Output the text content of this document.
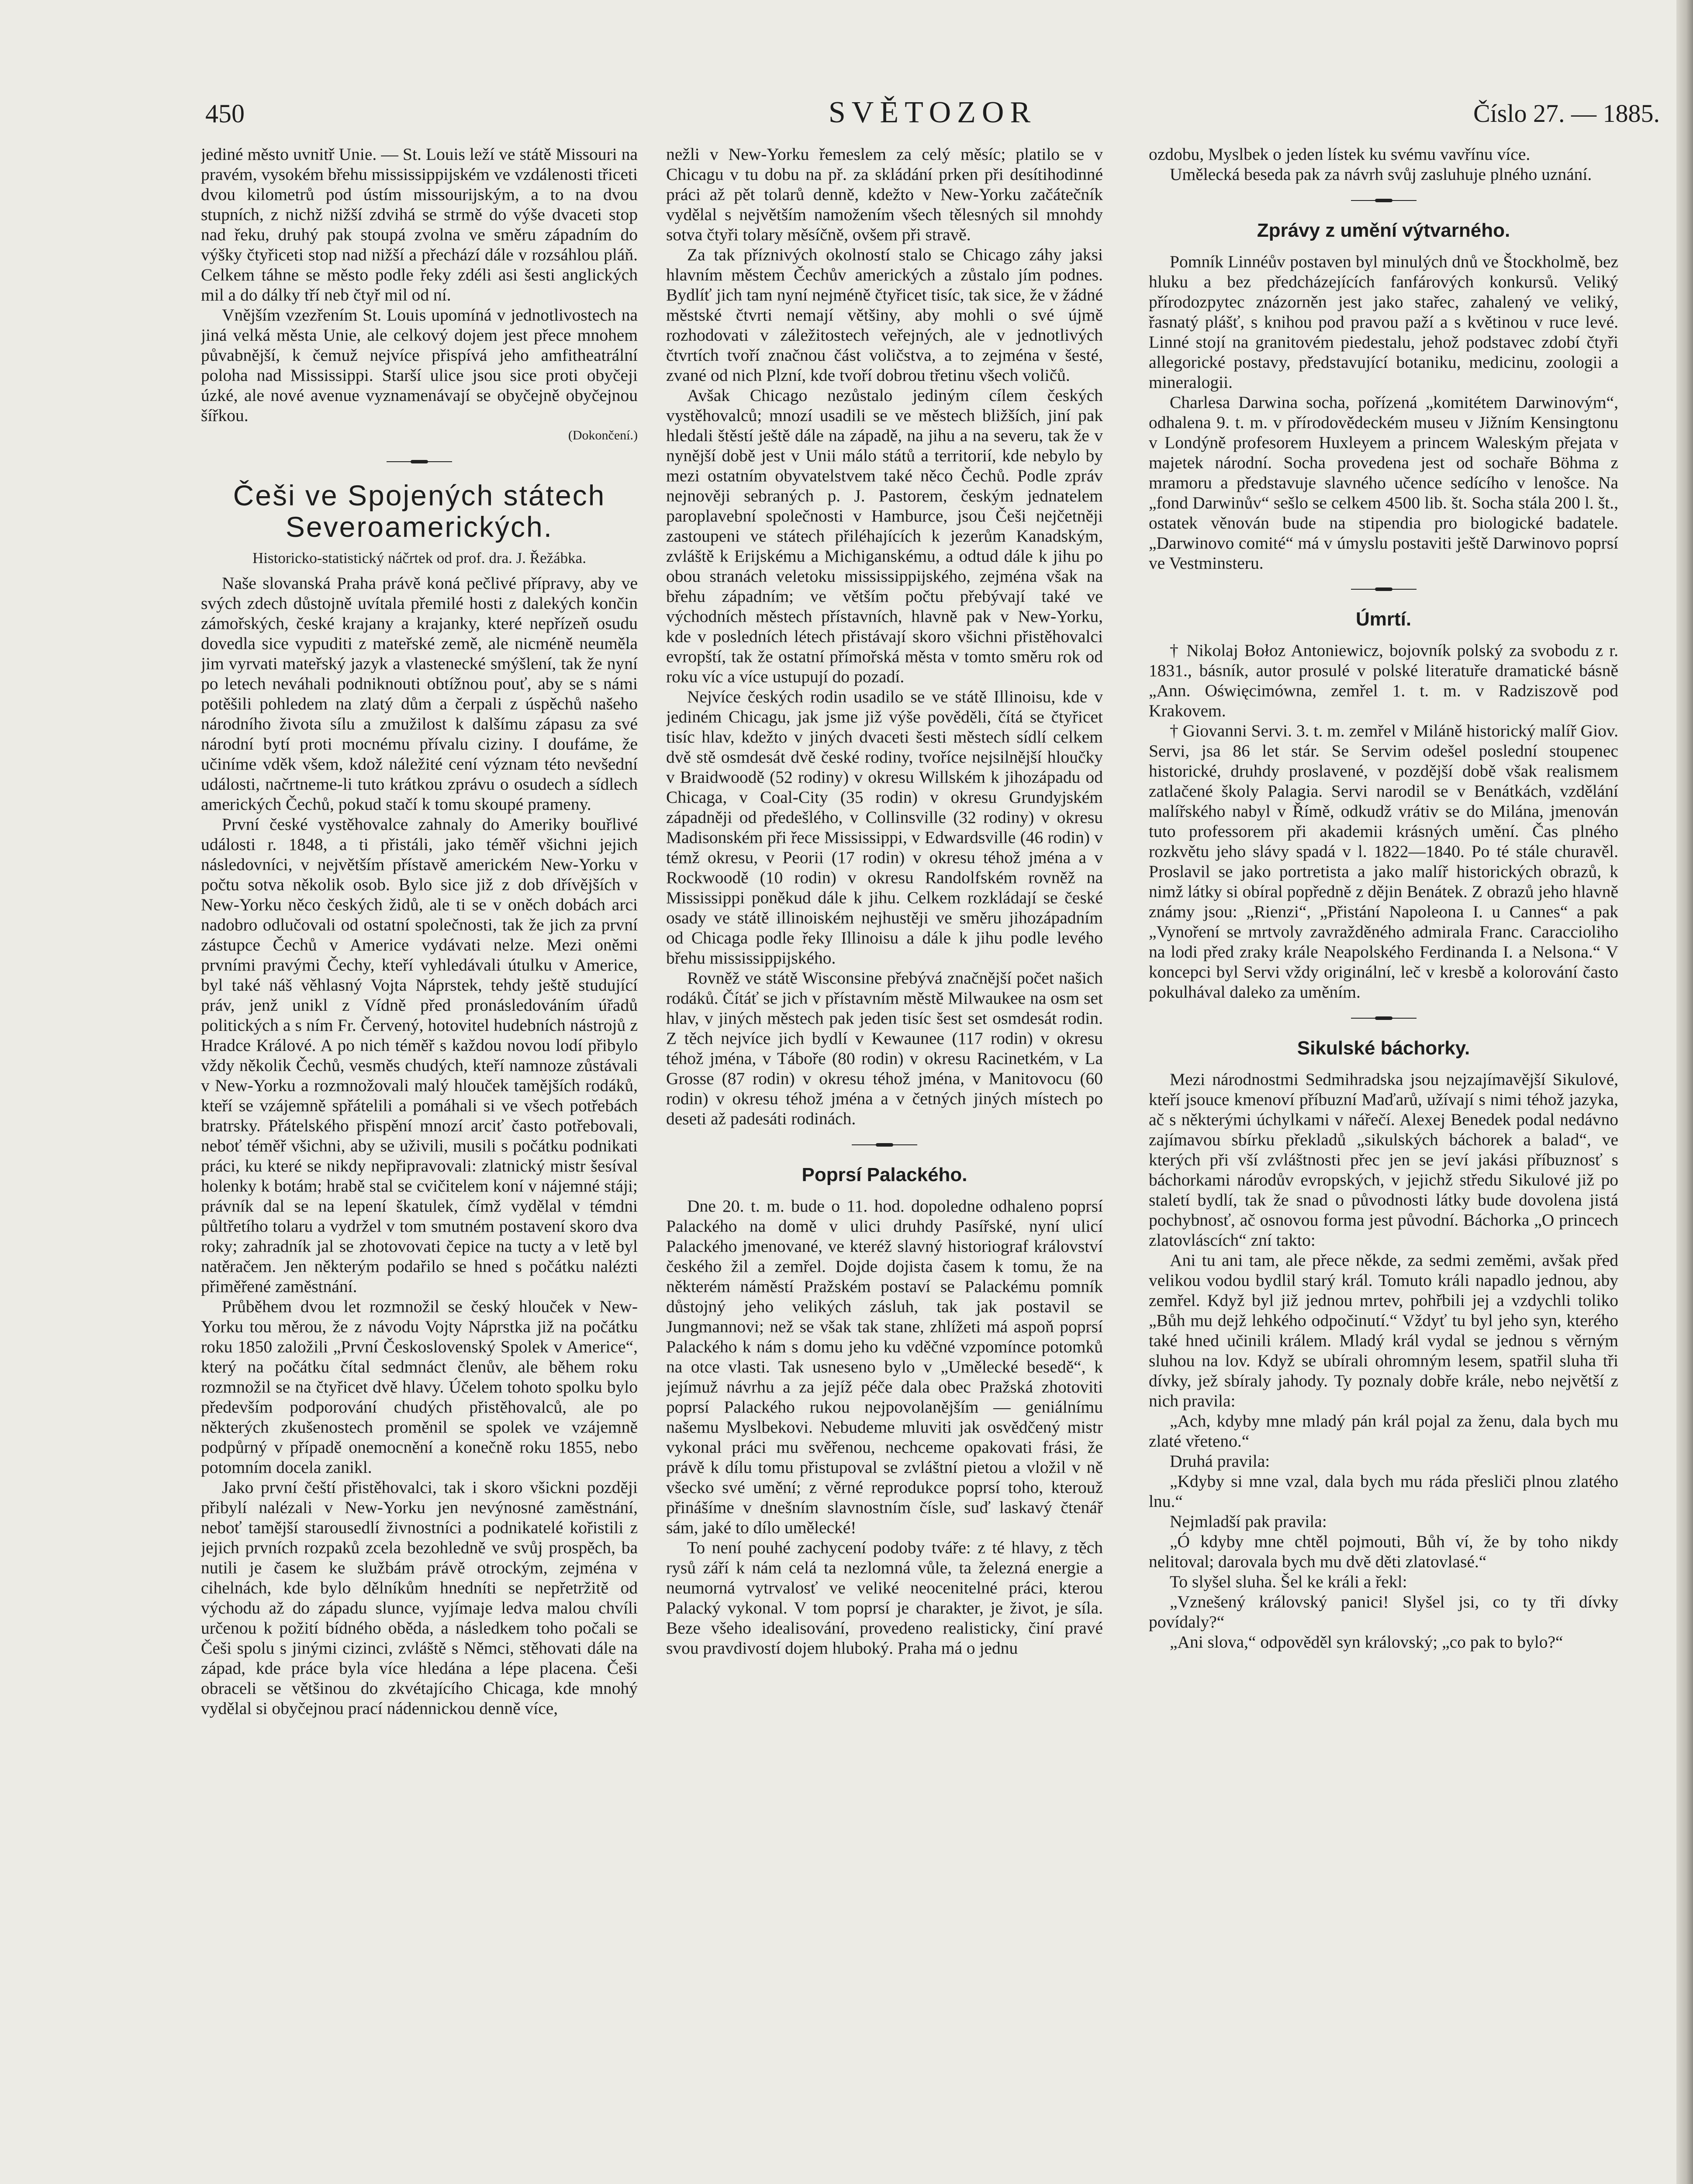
450	SVĚTOZOR	Číslo 27. — 1885.

jediné město uvnitř Unie. — St. Louis leží ve státě Missouri na pravém, vysokém břehu mississippijském ve vzdálenosti třiceti dvou kilometrů pod ústím missourijským, a to na dvou stupních, z nichž nižší zdvihá se strmě do výše dvaceti stop nad řeku, druhý pak stoupá zvolna ve směru západním do výšky čtyřiceti stop nad nižší a přechází dále v rozsáhlou pláň. Celkem táhne se město podle řeky zdéli asi šesti anglických mil a do dálky tří neb čtyř mil od ní.

Vnějším vzezřením St. Louis upomíná v jednotlivostech na jiná velká města Unie, ale celkový dojem jest přece mnohem půvabnější, k čemuž nejvíce přispívá jeho amfitheatrální poloha nad Mississippi. Starší ulice jsou sice proti obyčeji úzké, ale nové avenue vyznamenávají se obyčejně obyčejnou šířkou.

(Dokončení.)
Češi ve Spojených státech Severoamerických.
Historicko-statistický náčrtek od prof. dra. J. Řežábka.

Naše slovanská Praha právě koná pečlivé přípravy, aby ve svých zdech důstojně uvítala přemilé hosti z dalekých končin zámořských, české krajany a krajanky, které nepřízeň osudu dovedla sice vypuditi z mateřské země, ale nicméně neuměla jim vyrvati mateřský jazyk a vlastenecké smýšlení, tak že nyní po letech neváhali podniknouti obtížnou pouť, aby se s námi potěšili pohledem na zlatý dům a čerpali z úspěchů našeho národního života sílu a zmužilost k dalšímu zápasu za své národní bytí proti mocnému přívalu ciziny. I doufáme, že učiníme vděk všem, kdož náležité cení význam této nevšední události, načrtneme-li tuto krátkou zprávu o osudech a sídlech amerických Čechů, pokud stačí k tomu skoupé prameny.

První české vystěhovalce zahnaly do Ameriky bouřlivé události r. 1848, a ti přistáli, jako téměř všichni jejich následovníci, v největším přístavě americkém New-Yorku v počtu sotva několik osob. Bylo sice již z dob dřívějších v New-Yorku něco českých židů, ale ti se v oněch dobách arci nadobro odlučovali od ostatní společnosti, tak že jich za první zástupce Čechů v Americe vydávati nelze. Mezi oněmi prvními pravými Čechy, kteří vyhledávali útulku v Americe, byl také náš věhlasný Vojta Náprstek, tehdy ještě studující práv, jenž unikl z Vídně před pronásledováním úřadů politických a s ním Fr. Červený, hotovitel hudebních nástrojů z Hradce Králové. A po nich téměř s každou novou lodí přibylo vždy několik Čechů, vesměs chudých, kteří namnoze zůstávali v New-Yorku a rozmnožovali malý hlouček tamějších rodáků, kteří se vzájemně spřátelili a pomáhali si ve všech potřebách bratrsky. Přátelského přispění mnozí arciť často potřebovali, neboť téměř všichni, aby se uživili, musili s počátku podnikati práci, ku které se nikdy nepřipravovali: zlatnický mistr šesíval holenky k botám; hrabě stal se cvičitelem koní v nájemné stáji; právník dal se na lepení škatulek, čímž vydělal v témdni půltřetího tolaru a vydržel v tom smutném postavení skoro dva roky; zahradník jal se zhotovovati čepice na tucty a v letě byl natěračem. Jen některým podařilo se hned s počátku nalézti přiměřené zaměstnání.

Průběhem dvou let rozmnožil se český hlouček v New-Yorku tou měrou, že z návodu Vojty Náprstka již na počátku roku 1850 založili „První Československý Spolek v Americe“, který na počátku čítal sedmnáct členův, ale během roku rozmnožil se na čtyřicet dvě hlavy. Účelem tohoto spolku bylo především podporování chudých přistěhovalců, ale po některých zkušenostech proměnil se spolek ve vzájemně podpůrný v případě onemocnění a konečně roku 1855, nebo potomním docela zanikl.

Jako první čeští přistěhovalci, tak i skoro všickni později přibylí nalézali v New-Yorku jen nevýnosné zaměstnání, neboť tamější starousedlí živnostníci a podnikatelé kořistili z jejich prvních rozpaků zcela bezohledně ve svůj prospěch, ba nutili je časem ke službám právě otrockým, zejména v cihelnách, kde bylo dělníkům hnedníti se nepřetržitě od východu až do západu slunce, vyjímaje ledva malou chvíli určenou k požití bídného oběda, a následkem toho počali se Češi spolu s jinými cizinci, zvláště s Němci, stěhovati dále na západ, kde práce byla více hledána a lépe placena. Češi obraceli se většinou do zkvétajícího Chicaga, kde mnohý vydělal si obyčejnou prací nádennickou denně více,

nežli v New-Yorku řemeslem za celý měsíc; platilo se v Chicagu v tu dobu na př. za skládání prken při desítihodinné práci až pět tolarů denně, kdežto v New-Yorku začátečník vydělal s největším namožením všech tělesných sil mnohdy sotva čtyři tolary měsíčně, ovšem při stravě.

Za tak příznivých okolností stalo se Chicago záhy jaksi hlavním městem Čechův amerických a zůstalo jím podnes. Bydlíť jich tam nyní nejméně čtyřicet tisíc, tak sice, že v žádné městské čtvrti nemají většiny, aby mohli o své újmě rozhodovati v záležitostech veřejných, ale v jednotlivých čtvrtích tvoří značnou část voličstva, a to zejména v šesté, zvané od nich Plzní, kde tvoří dobrou třetinu všech voličů.

Avšak Chicago nezůstalo jediným cílem českých vystěhovalců; mnozí usadili se ve městech bližších, jiní pak hledali štěstí ještě dále na západě, na jihu a na severu, tak že v nynější době jest v Unii málo států a territorií, kde nebylo by mezi ostatním obyvatelstvem také něco Čechů. Podle zpráv nejnověji sebraných p. J. Pastorem, českým jednatelem paroplavební společnosti v Hamburce, jsou Češi nejčetněji zastoupeni ve státech přiléhajících k jezerům Kanadským, zvláště k Erijskému a Michiganskému, a odtud dále k jihu po obou stranách veletoku mississippijského, zejména však na břehu západním; ve větším počtu přebývají také ve východních městech přístavních, hlavně pak v New-Yorku, kde v posledních létech přistávají skoro všichni přistěhovalci evropští, tak že ostatní přímořská města v tomto směru rok od roku víc a více ustupují do pozadí.

Nejvíce českých rodin usadilo se ve státě Illinoisu, kde v jediném Chicagu, jak jsme již výše pověděli, čítá se čtyřicet tisíc hlav, kdežto v jiných dvaceti šesti městech sídlí celkem dvě stě osmdesát dvě české rodiny, tvoříce nejsilnější hloučky v Braidwoodě (52 rodiny) v okresu Willském k jihozápadu od Chicaga, v Coal-City (35 rodin) v okresu Grundyjském západněji od předešlého, v Collinsville (32 rodiny) v okresu Madisonském při řece Mississippi, v Edwardsville (46 rodin) v témž okresu, v Peorii (17 rodin) v okresu téhož jména a v Rockwoodě (10 rodin) v okresu Randolfském rovněž na Mississippi poněkud dále k jihu. Celkem rozkládají se české osady ve státě illinoiském nejhustěji ve směru jihozápadním od Chicaga podle řeky Illinoisu a dále k jihu podle levého břehu mississippijského.

Rovněž ve státě Wisconsine přebývá značnější počet našich rodáků. Čítáť se jich v přístavním městě Milwaukee na osm set hlav, v jiných městech pak jeden tisíc šest set osmdesát rodin. Z těch nejvíce jich bydlí v Kewaunee (117 rodin) v okresu téhož jména, v Táboře (80 rodin) v okresu Racinetkém, v La Grosse (87 rodin) v okresu téhož jména, v Manitovocu (60 rodin) v okresu téhož jména a v četných jiných místech po deseti až padesáti rodinách.

Poprsí Palackého.

Dne 20. t. m. bude o 11. hod. dopoledne odhaleno poprsí Palackého na domě v ulici druhdy Pasířské, nyní ulicí Palackého jmenované, ve kteréž slavný historiograf království českého žil a zemřel. Dojde dojista časem k tomu, že na některém náměstí Pražském postaví se Palackému pomník důstojný jeho velikých zásluh, tak jak postavil se Jungmannovi; než se však tak stane, zhlížeti má aspoň poprsí Palackého k nám s domu jeho ku vděčné vzpomínce potomků na otce vlasti. Tak usneseno bylo v „Umělecké besedě“, k jejímuž návrhu a za jejíž péče dala obec Pražská zhotoviti poprsí Palackého rukou nejpovolanějším — geniálnímu našemu Myslbekovi. Nebudeme mluviti jak osvědčený mistr vykonal práci mu svěřenou, nechceme opakovati frási, že právě k dílu tomu přistupoval se zvláštní pietou a vložil v ně všecko své umění; z věrné reprodukce poprsí toho, kterouž přinášíme v dnešním slavnostním čísle, suď laskavý čtenář sám, jaké to dílo umělecké!

To není pouhé zachycení podoby tváře: z té hlavy, z těch rysů září k nám celá ta nezlomná vůle, ta železná energie a neumorná vytrvalosť ve veliké neocenitelné práci, kterou Palacký vykonal. V tom poprsí je charakter, je život, je síla. Beze všeho idealisování, provedeno realisticky, činí pravé svou pravdivostí dojem hluboký. Praha má o jednu

ozdobu, Myslbek o jeden lístek ku svému vavřínu více.

Umělecká beseda pak za návrh svůj zasluhuje plného uznání.

Zprávy z umění výtvarného.

Pomník Linnéův postaven byl minulých dnů ve Štockholmě, bez hluku a bez předcházejících fanfárových konkursů. Veliký přírodozpytec znázorněn jest jako stařec, zahalený ve veliký, řasnatý plášť, s knihou pod pravou paží a s květinou v ruce levé. Linné stojí na granitovém piedestalu, jehož podstavec zdobí čtyři allegorické postavy, představující botaniku, medicinu, zoologii a mineralogii.

Charlesa Darwina socha, pořízená „komitétem Darwinovým“, odhalena 9. t. m. v přírodovědeckém museu v Jižním Kensingtonu v Londýně profesorem Huxleyem a princem Waleským přejata v majetek národní. Socha provedena jest od sochaře Böhma z mramoru a představuje slavného učence sedícího v lenošce. Na „fond Darwinův“ sešlo se celkem 4500 lib. št. Socha stála 200 l. št., ostatek věnován bude na stipendia pro biologické badatele. „Darwinovo comité“ má v úmyslu postaviti ještě Darwinovo poprsí ve Vestminsteru.

Úmrtí.

† Nikolaj Bołoz Antoniewicz, bojovník polský za svobodu z r. 1831., básník, autor prosulé v polské literatuře dramatické básně „Ann. Oświęcimówna, zemřel 1. t. m. v Radziszově pod Krakovem.

† Giovanni Servi. 3. t. m. zemřel v Miláně historický malíř Giov. Servi, jsa 86 let stár. Se Servim odešel poslední stoupenec historické, druhdy proslavené, v pozdější době však realismem zatlačené školy Palagia. Servi narodil se v Benátkách, vzdělání malířského nabyl v Římě, odkudž vrátiv se do Milána, jmenován tuto professorem při akademii krásných umění. Čas plného rozkvětu jeho slávy spadá v l. 1822—1840. Po té stále churavěl. Proslavil se jako portretista a jako malíř historických obrazů, k nimž látky si obíral popředně z dějin Benátek. Z obrazů jeho hlavně známy jsou: „Rienzi“, „Přistání Napoleona I. u Cannes“ a pak „Vynoření se mrtvoly zavražděného admirala Franc. Caracciolihо na lodi před zraky krále Neapolského Ferdinanda I. a Nelsona.“ V koncepci byl Servi vždy originální, leč v kresbě a kolorování často pokulhával daleko za uměním.

Sikulské báchorky.

Mezi národnostmi Sedmihradska jsou nejzajímavější Sikulové, kteří jsouce kmenoví příbuzní Maďarů, užívají s nimi téhož jazyka, ač s některými úchylkami v nářečí. Alexej Benedek podal nedávno zajímavou sbírku překladů „sikulských báchorek a balad“, ve kterých při vší zvláštnosti přec jen se jeví jakási příbuznosť s báchorkami národův evropských, v jejichž středu Sikulové již po staletí bydlí, tak že snad o původnosti látky bude dovolena jistá pochybnosť, ač osnovou forma jest původní. Báchorka „O princech zlatovláscích“ zní takto:

Ani tu ani tam, ale přece někde, za sedmi zeměmi, avšak před velikou vodou bydlil starý král. Tomuto králi napadlo jednou, aby zemřel. Když byl již jednou mrtev, pohřbili jej a vzdychli toliko „Bůh mu dejž lehkého odpočinutí.“ Vždyť tu byl jeho syn, kterého také hned učinili králem. Mladý král vydal se jednou s věrným sluhou na lov. Když se ubírali ohromným lesem, spatřil sluha tři dívky, jež sbíraly jahody. Ty poznaly dobře krále, nebo největší z nich pravila:

„Ach, kdyby mne mladý pán král pojal za ženu, dala bych mu zlaté vřeteno.“

Druhá pravila:

„Kdyby si mne vzal, dala bych mu ráda přesliči plnou zlatého lnu.“

Nejmladší pak pravila:

„Ó kdyby mne chtěl pojmouti, Bůh ví, že by toho nikdy nelitoval; darovala bych mu dvě děti zlatovlasé.“

To slyšel sluha. Šel ke králi a řekl:

„Vznešený královský panici! Slyšel jsi, co ty tři dívky povídaly?“

„Ani slova,“ odpověděl syn královský; „co pak to bylo?“
